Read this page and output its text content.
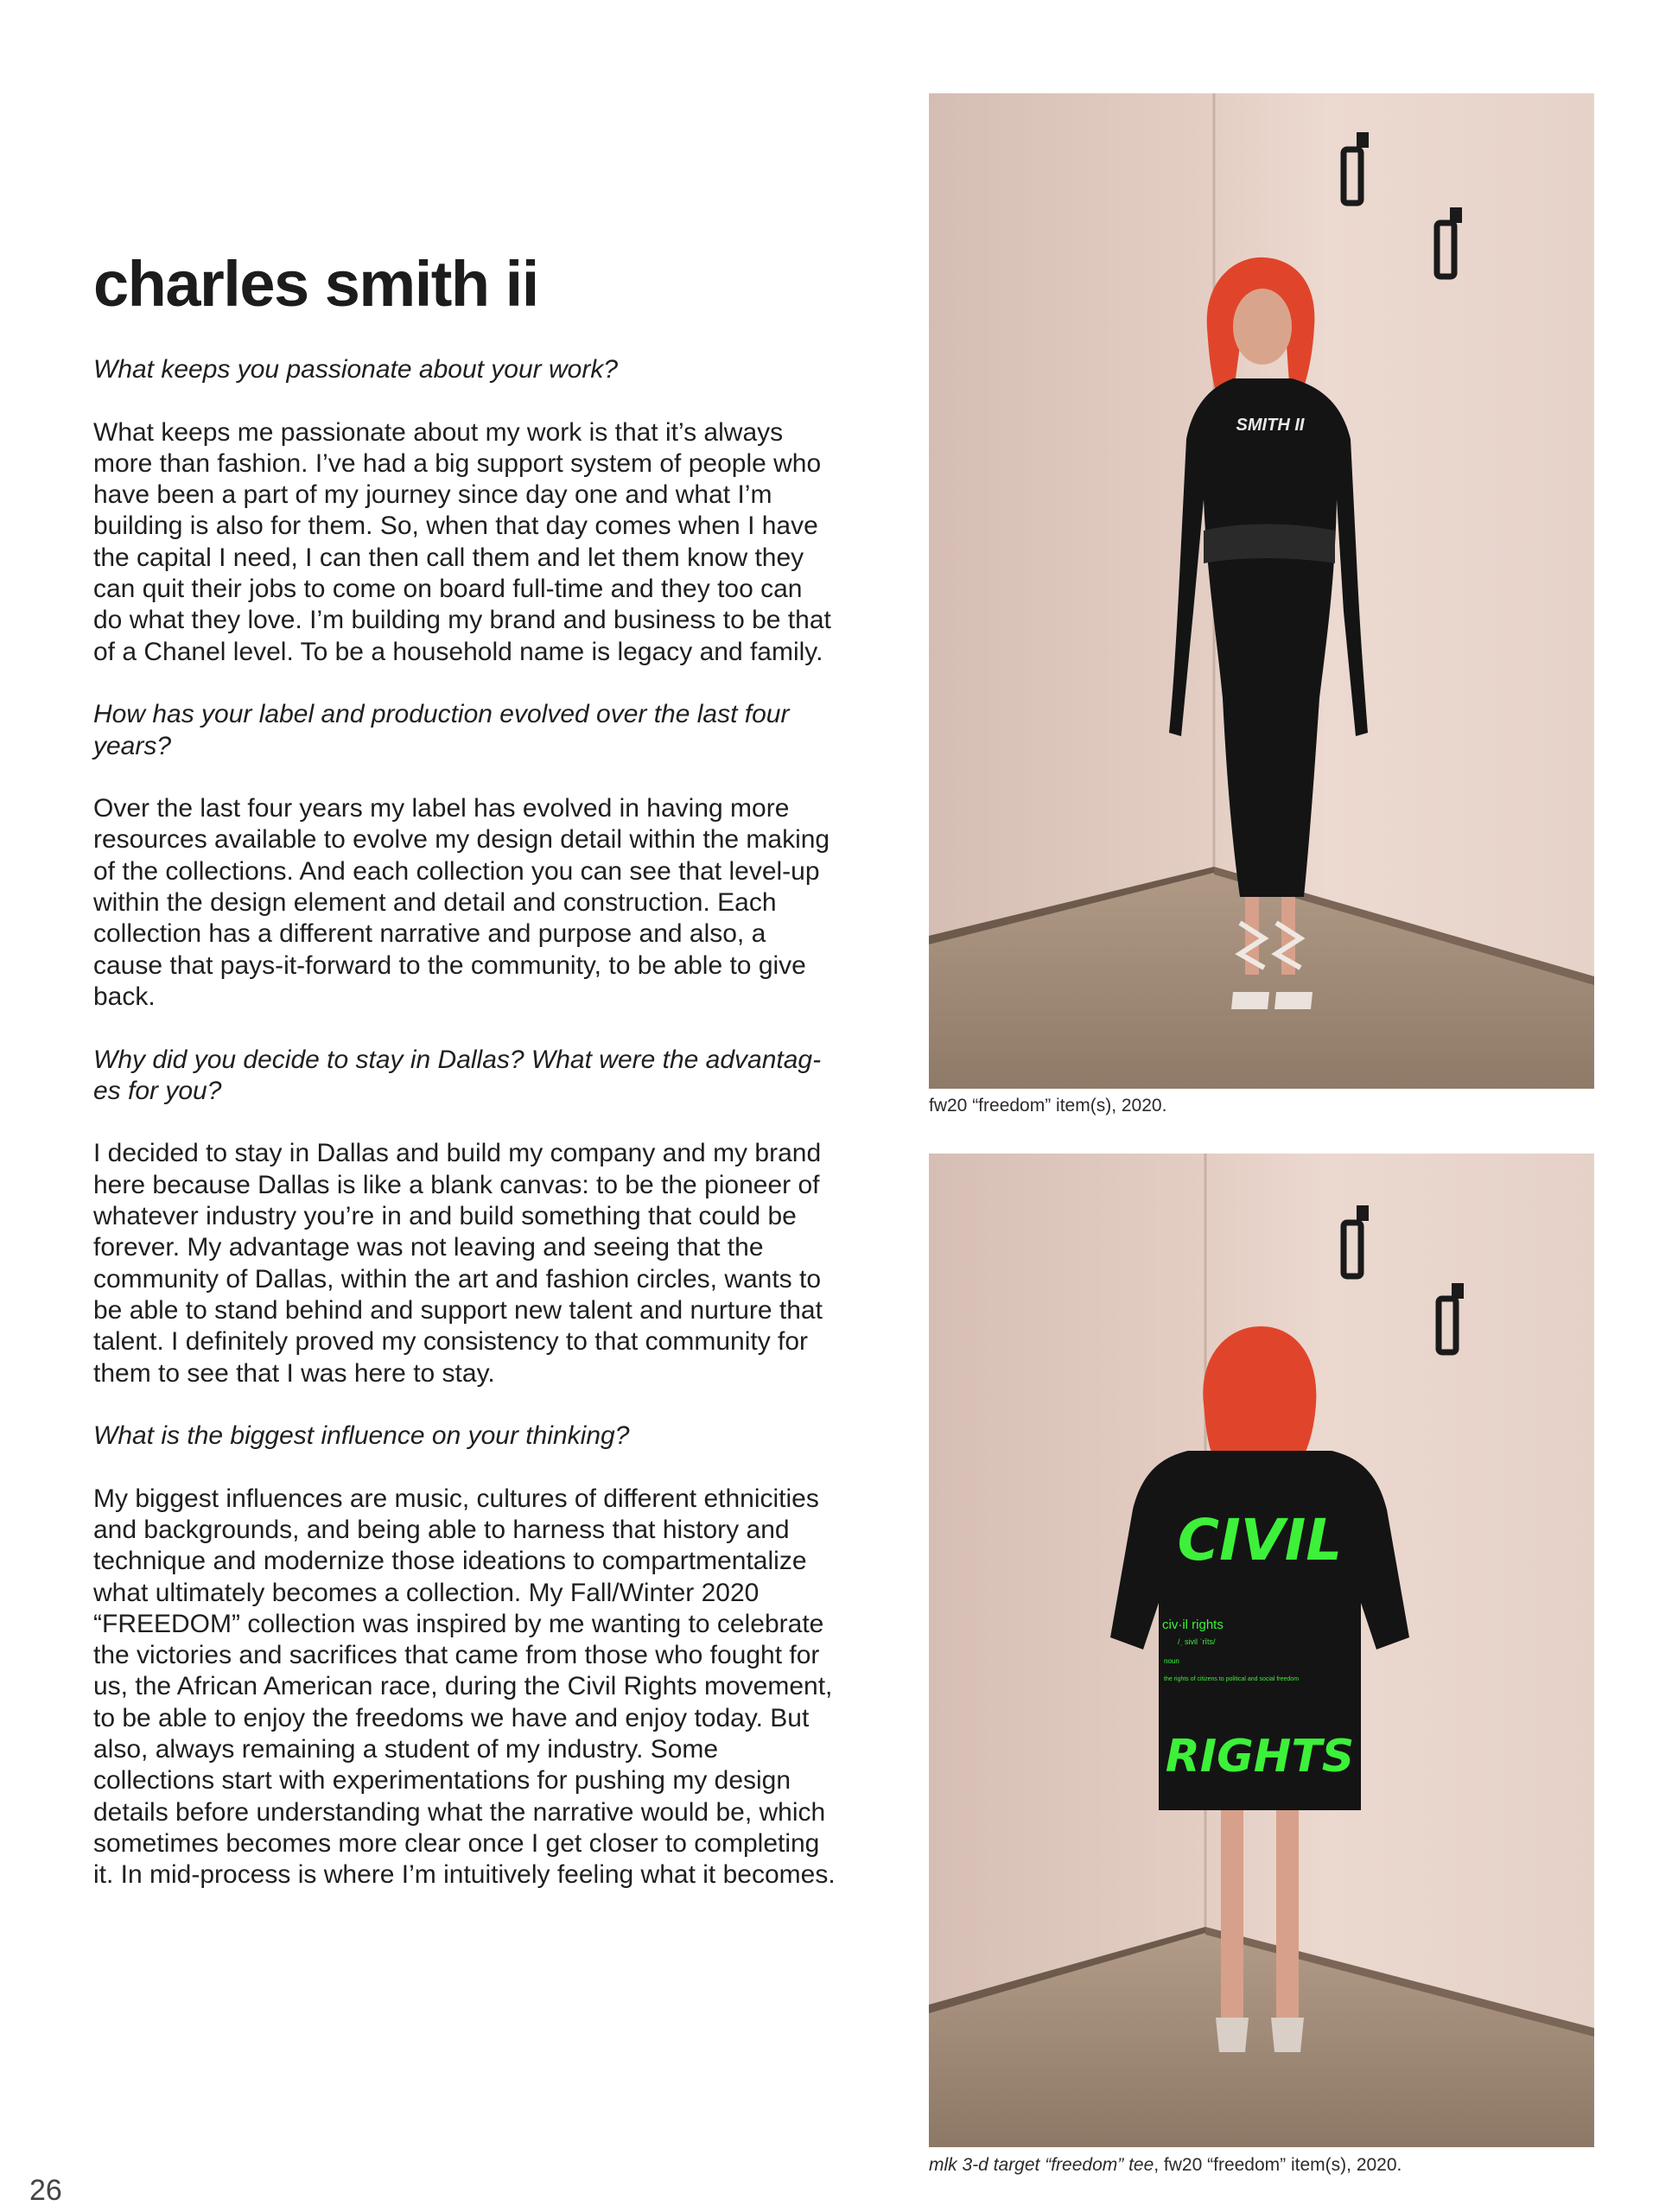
charles smith ii

What keeps you passionate about your work?

What keeps me passionate about my work is that it’s always more than fashion. I’ve had a big support system of people who have been a part of my journey since day one and what I’m building is also for them. So, when that day comes when I have the capital I need, I can then call them and let them know they can quit their jobs to come on board full-time and they too can do what they love. I’m building my brand and business to be that of a Chanel level. To be a household name is legacy and family.

How has your label and production evolved over the last four years?

Over the last four years my label has evolved in having more resources available to evolve my design detail within the making of the collections. And each collection you can see that level-up within the design element and detail and construction. Each collection has a different narrative and purpose and also, a cause that pays-it-forward to the community, to be able to give back.

Why did you decide to stay in Dallas? What were the advantag-es for you?

I decided to stay in Dallas and build my company and my brand here because Dallas is like a blank canvas: to be the pioneer of whatever industry you’re in and build something that could be forever. My advantage was not leaving and seeing that the community of Dallas, within the art and fashion circles, wants to be able to stand behind and support new talent and nurture that talent. I definitely proved my consistency to that community for them to see that I was here to stay.

What is the biggest influence on your thinking?

My biggest influences are music, cultures of different ethnicities and backgrounds, and being able to harness that history and technique and modernize those ideations to compartmentalize what ultimately becomes a collection. My Fall/Winter 2020 “FREEDOM” collection was inspired by me wanting to celebrate the victories and sacrifices that came from those who fought for us, the African American race, during the Civil Rights movement, to be able to enjoy the freedoms we have and enjoy today. But also, always remaining a student of my industry. Some collections start with experimentations for pushing my design details before understanding what the narrative would be, which sometimes becomes more clear once I get closer to completing it. In mid-process is where I’m intuitively feeling what it becomes.

SMITH II

fw20 “freedom” item(s), 2020.

CIVIL
civ·il rights
/ˌ sivil ˈrīts/
noun
the rights of citizens to political and social freedom
RIGHTS

mlk 3-d target “freedom” tee, fw20 “freedom” item(s), 2020.

26
